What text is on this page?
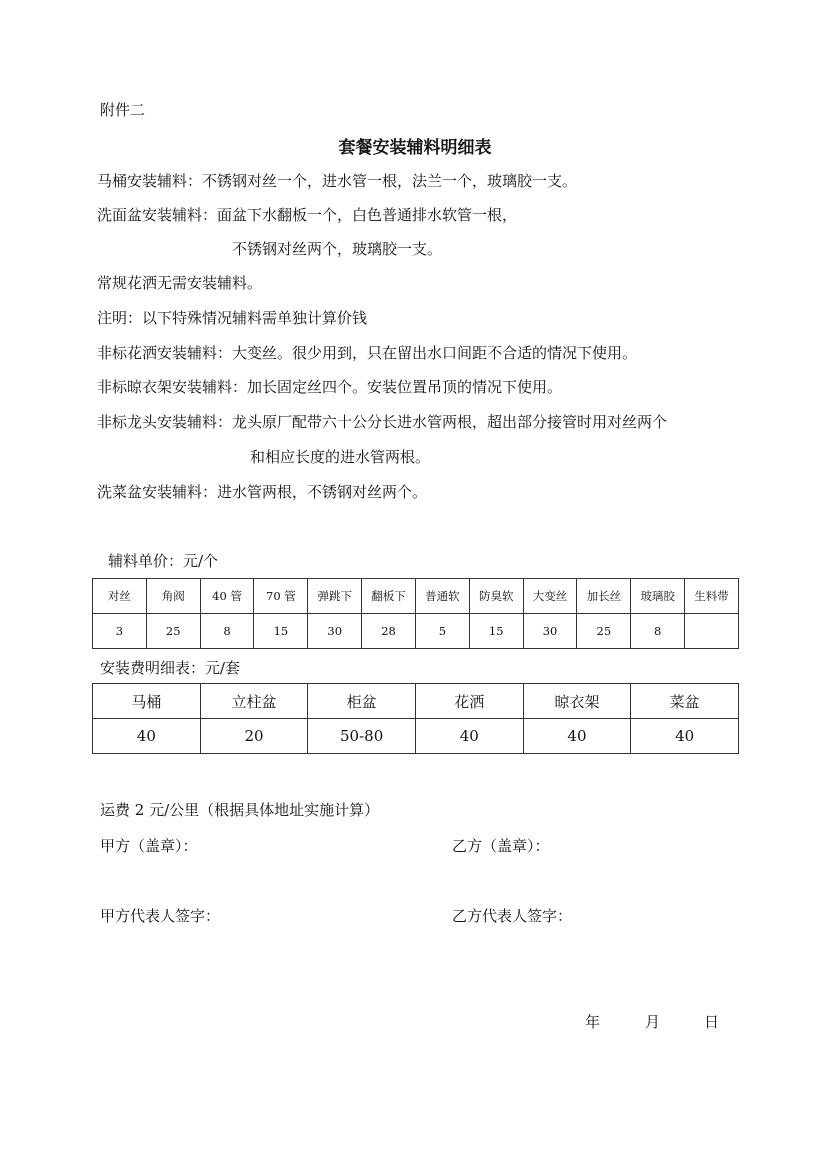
附件二
套餐安装辅料明细表
马桶安装辅料：不锈钢对丝一个，进水管一根，法兰一个，玻璃胶一支。
洗面盆安装辅料：面盆下水翻板一个，白色普通排水软管一根，
不锈钢对丝两个，玻璃胶一支。
常规花洒无需安装辅料。
注明：以下特殊情况辅料需单独计算价钱
非标花洒安装辅料：大变丝。很少用到，只在留出水口间距不合适的情况下使用。
非标晾衣架安装辅料：加长固定丝四个。安装位置吊顶的情况下使用。
非标龙头安装辅料：龙头原厂配带六十公分长进水管两根，超出部分接管时用对丝两个
和相应长度的进水管两根。
洗菜盆安装辅料：进水管两根，不锈钢对丝两个。
辅料单价：元/个
对丝	角阀	40 管	70 管	弹跳下	翻板下	普通软	防臭软	大变丝	加长丝	玻璃胶	生料带
3	25	8	15	30	28	5	15	30	25	8	
安装费明细表：元/套
马桶	立柱盆	柜盆	花洒	晾衣架	菜盆
40	20	50-80	40	40	40
运费 2 元/公里（根据具体地址实施计算）
甲方（盖章）：	乙方（盖章）：
甲方代表人签字：	乙方代表人签字：
年	月	日
